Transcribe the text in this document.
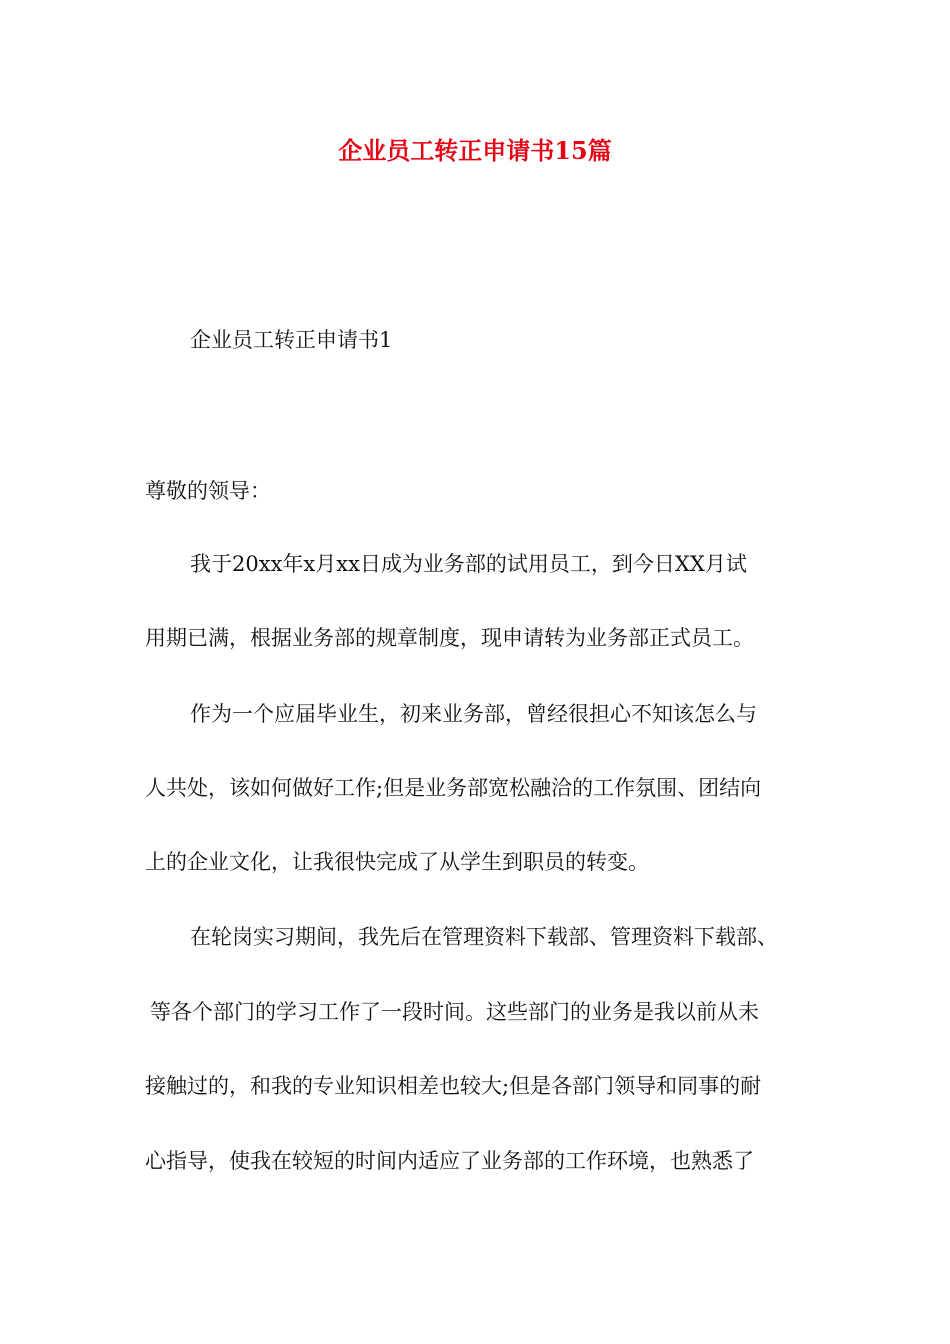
企业员工转正申请书15篇
企业员工转正申请书1
尊敬的领导：
我于20xx年x月xx日成为业务部的试用员工，到今日XX月试
用期已满，根据业务部的规章制度，现申请转为业务部正式员工。
作为一个应届毕业生，初来业务部，曾经很担心不知该怎么与
人共处，该如何做好工作;但是业务部宽松融洽的工作氛围、团结向
上的企业文化，让我很快完成了从学生到职员的转变。
在轮岗实习期间，我先后在管理资料下载部、管理资料下载部、
等各个部门的学习工作了一段时间。这些部门的业务是我以前从未
接触过的，和我的专业知识相差也较大;但是各部门领导和同事的耐
心指导，使我在较短的时间内适应了业务部的工作环境，也熟悉了
